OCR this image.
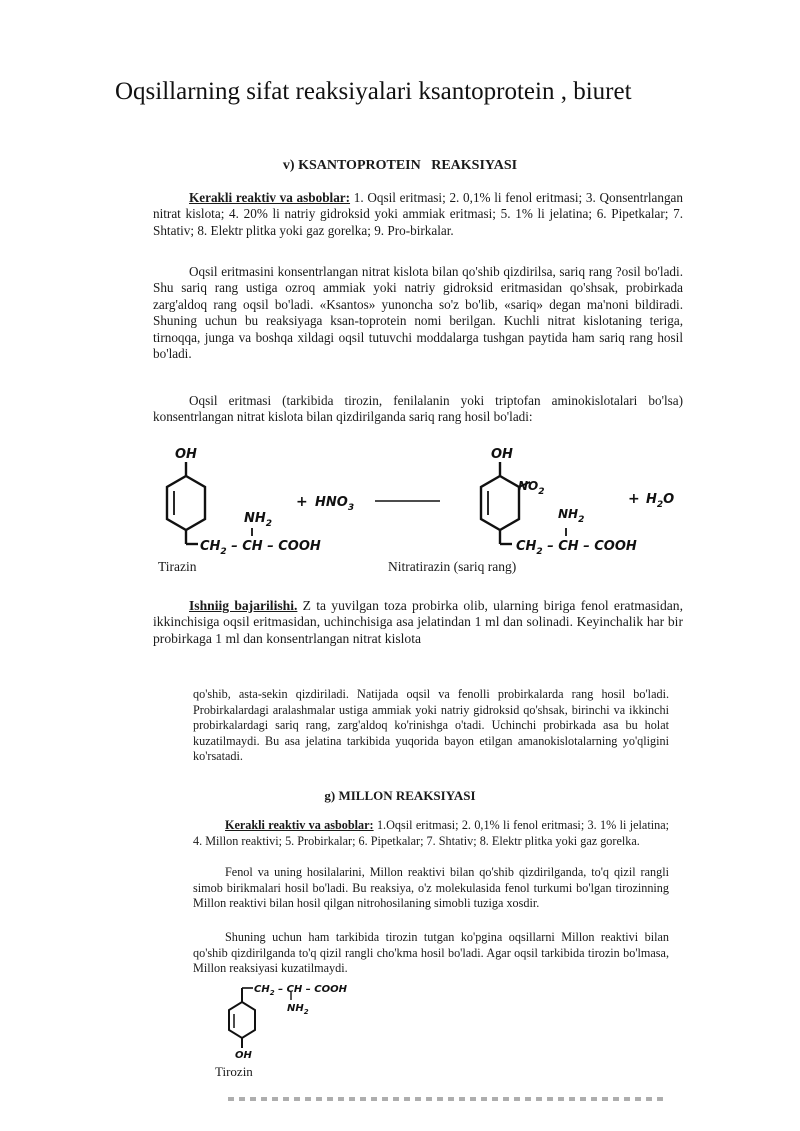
Oqsillarning sifat reaksiyalari ksantoprotein , biuret
v) KSANTOPROTEIN   REAKSIYASI

Kerakli reaktiv va asboblar: 1. Oqsil eritmasi; 2. 0,1% li fenol eritmasi; 3. Qonsentrlangan nitrat kislota; 4. 20% li natriy gidroksid yoki ammiak eritmasi; 5. 1% li jelatina; 6. Pipetkalar; 7. Shtativ; 8. Elektr plitka yoki gaz gorelka; 9. Pro-birkalar.

Oqsil eritmasini konsentrlangan nitrat kislota bilan qo'shib qizdirilsa, sariq rang ?osil bo'ladi. Shu sariq rang ustiga ozroq ammiak yoki natriy gidroksid eritmasidan qo'shsak, probirkada zarg'aldoq rang oqsil bo'ladi. «Ksantos» yunoncha so'z bo'lib, «sariq» degan ma'noni bildiradi. Shuning uchun bu reaksiyaga ksan-toprotein nomi berilgan. Kuchli nitrat kislotaning teriga, tirnoqqa, junga va boshqa xildagi oqsil tutuvchi moddalarga tushgan paytida ham sariq rang hosil bo'ladi.

Oqsil eritmasi (tarkibida tirozin, fenilalanin yoki triptofan aminokislotalari bo'lsa) konsentrlangan nitrat kislota bilan qizdirilganda sariq rang hosil bo'ladi:

OH
$NH_2$
$CH_2$ – CH – COOH
+ $HNO_3$
OH
$NO_2$
$NH_2$
$CH_2$ – CH – COOH
+ $H_2O$
Tirazin	Nitratirazin (sariq rang)

Ishniig bajarilishi. Z ta yuvilgan toza probirka olib, ularning biriga fenol eratmasidan, ikkinchisiga oqsil eritmasidan, uchinchisiga asa jelatindan 1 ml dan solinadi. Keyinchalik har bir probirkaga 1 ml dan konsentrlangan nitrat kislota

qo'shib, asta-sekin qizdiriladi. Natijada oqsil va fenolli probirkalarda rang hosil bo'ladi. Probirkalardagi aralashmalar ustiga ammiak yoki natriy gidroksid qo'shsak, birinchi va ikkinchi probirkalardagi sariq rang, zarg'aldoq ko'rinishga o'tadi. Uchinchi probirkada asa bu holat kuzatilmaydi. Bu asa jelatina tarkibida yuqorida bayon etilgan amanokislotalarning yo'qligini ko'rsatadi.

g) MILLON REAKSIYASI

Kerakli reaktiv va asboblar: 1.Oqsil eritmasi; 2. 0,1% li fenol eritmasi; 3. 1% li jelatina; 4. Millon reaktivi; 5. Probirkalar; 6. Pipetkalar; 7. Shtativ; 8. Elektr plitka yoki gaz gorelka.

Fenol va uning hosilalarini, Millon reaktivi bilan qo'shib qizdirilganda, to'q qizil rangli simob birikmalari hosil bo'ladi. Bu reaksiya, o'z molekulasida fenol turkumi bo'lgan tirozinning Millon reaktivi bilan hosil qilgan nitrohosilaning simobli tuziga xosdir.

Shuning uchun ham tarkibida tirozin tutgan ko'pgina oqsillarni Millon reaktivi bilan qo'shib qizdirilganda to'q qizil rangli cho'kma hosil bo'ladi. Agar oqsil tarkibida tirozin bo'lmasa, Millon reaksiyasi kuzatilmaydi.

$CH_2$ – CH – COOH
$NH_2$
OH
Tirozin
